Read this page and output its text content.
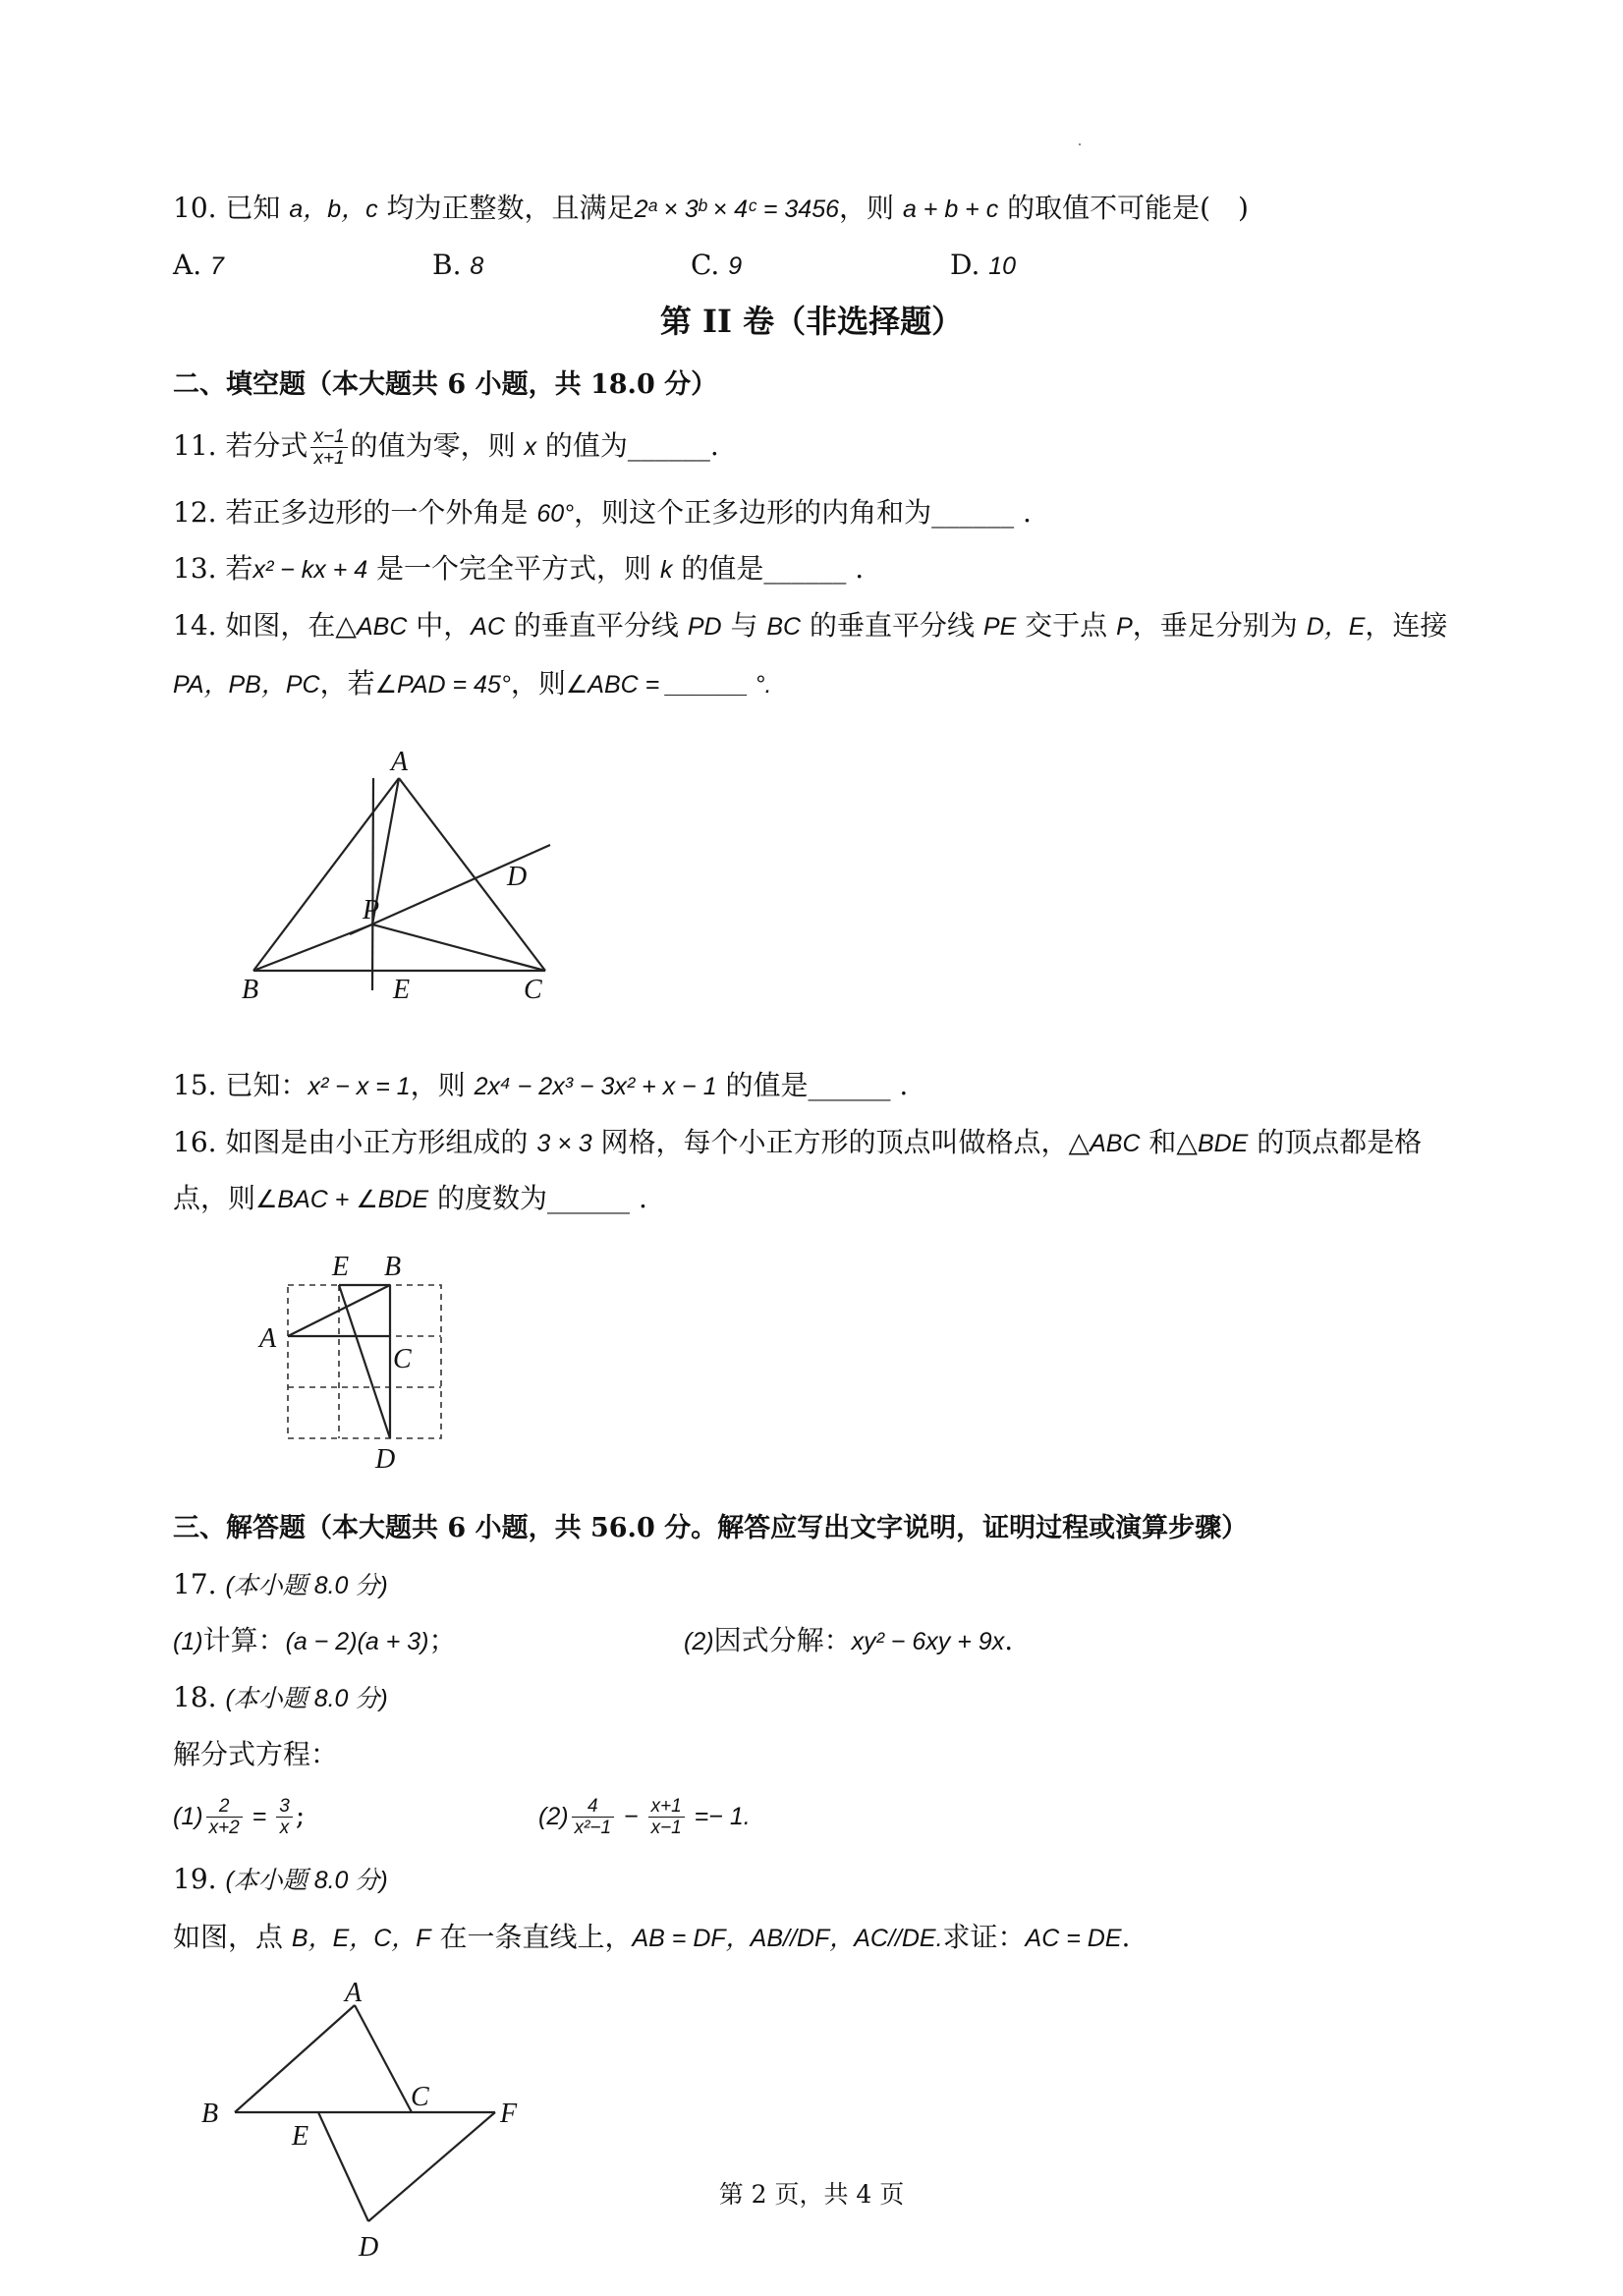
10. 已知 a，b，c 均为正整数，且满足2ᵃ × 3ᵇ × 4ᶜ = 3456，则 a + b + c 的取值不可能是(　)
A. 7	B. 8	C. 9	D. 10
第 II 卷（非选择题）
二、填空题（本大题共 6 小题，共 18.0 分）
11. 若分式 $\frac{x-1}{x+1}$ 的值为零，则 x 的值为______.
12. 若正多边形的一个外角是 60°，则这个正多边形的内角和为______ .
13. 若x² − kx + 4 是一个完全平方式，则 k 的值是______ .
14. 如图，在△ABC 中，AC 的垂直平分线 PD 与 BC 的垂直平分线 PE 交于点 P，垂足分别为 D，E，连接
PA，PB，PC，若∠PAD = 45°，则∠ABC = ______ °.
A
B	C
D
E
P
15. 已知：x² − x = 1，则 2x⁴ − 2x³ − 3x² + x − 1 的值是______ .
16. 如图是由小正方形组成的 3 × 3 网格，每个小正方形的顶点叫做格点，△ABC 和△BDE 的顶点都是格
点，则∠BAC + ∠BDE 的度数为______ .
A
B
C
D
E
三、解答题（本大题共 6 小题，共 56.0 分。解答应写出文字说明，证明过程或演算步骤）
17. (本小题 8.0 分)
(1)计算：(a − 2)(a + 3)；	(2)因式分解：xy² − 6xy + 9x.
18. (本小题 8.0 分)
解分式方程：
$(1) \frac{2}{x+2} = \frac{3}{x}$ ;	$(2) \frac{4}{\text{x²−1}} - \frac{x+1}{x-1} =- 1$.
19. (本小题 8.0 分)
如图，点 B，E，C，F 在一条直线上，AB = DF，AB//DF，AC//DE.求证：AC = DE.
A
B
C
D
E
F
第 2 页，共 4 页
